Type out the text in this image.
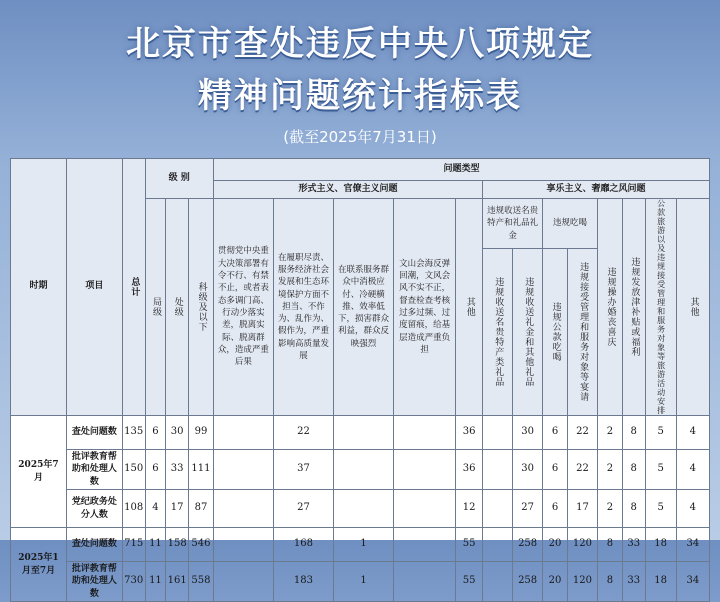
北京市查处违反中央八项规定
精神问题统计指标表
(截至2025年7月31日)
时期	项目	总计	级 别			问题类型												
						形式主义、官僚主义问题					享乐主义、奢靡之风问题							

			局级	处级	科级及以下	贯彻党中央重大决策部署有令不行、有禁不止，或者表态多调门高、行动少落实差，脱离实际、脱离群众，造成严重后果	在履职尽责、服务经济社会发展和生态环境保护方面不担当、不作为、乱作为、假作为，严重影响高质量发展	在联系服务群众中消极应付、冷硬横推、效率低下，损害群众利益，群众反映强烈	文山会海反弹回潮，文风会风不实不正，督查检查考核过多过频、过度留痕，给基层造成严重负担	其他	违规收送名贵特产和礼品礼金		违规吃喝		违规操办婚丧喜庆	违规发放津补贴或福利	公款旅游以及违规接受管理和服务对象等旅游活动安排	其他

											违规收送名贵特产类礼品	违规收送礼金和其他礼品	违规公款吃喝	违规接受管理和服务对象等宴请				

2025年7月	查处问题数	135	6	30	99		22			36		30	6	22	2	8	5	4
	批评教育帮助和处理人数	150	6	33	111		37			36		30	6	22	2	8	5	4
	党纪政务处分人数	108	4	17	87		27			12		27	6	17	2	8	5	4
2025年1月至7月	查处问题数	715	11	158	546		168	1		55		258	20	120	8	33	18	34
	批评教育帮助和处理人数	730	11	161	558		183	1		55		258	20	120	8	33	18	34
